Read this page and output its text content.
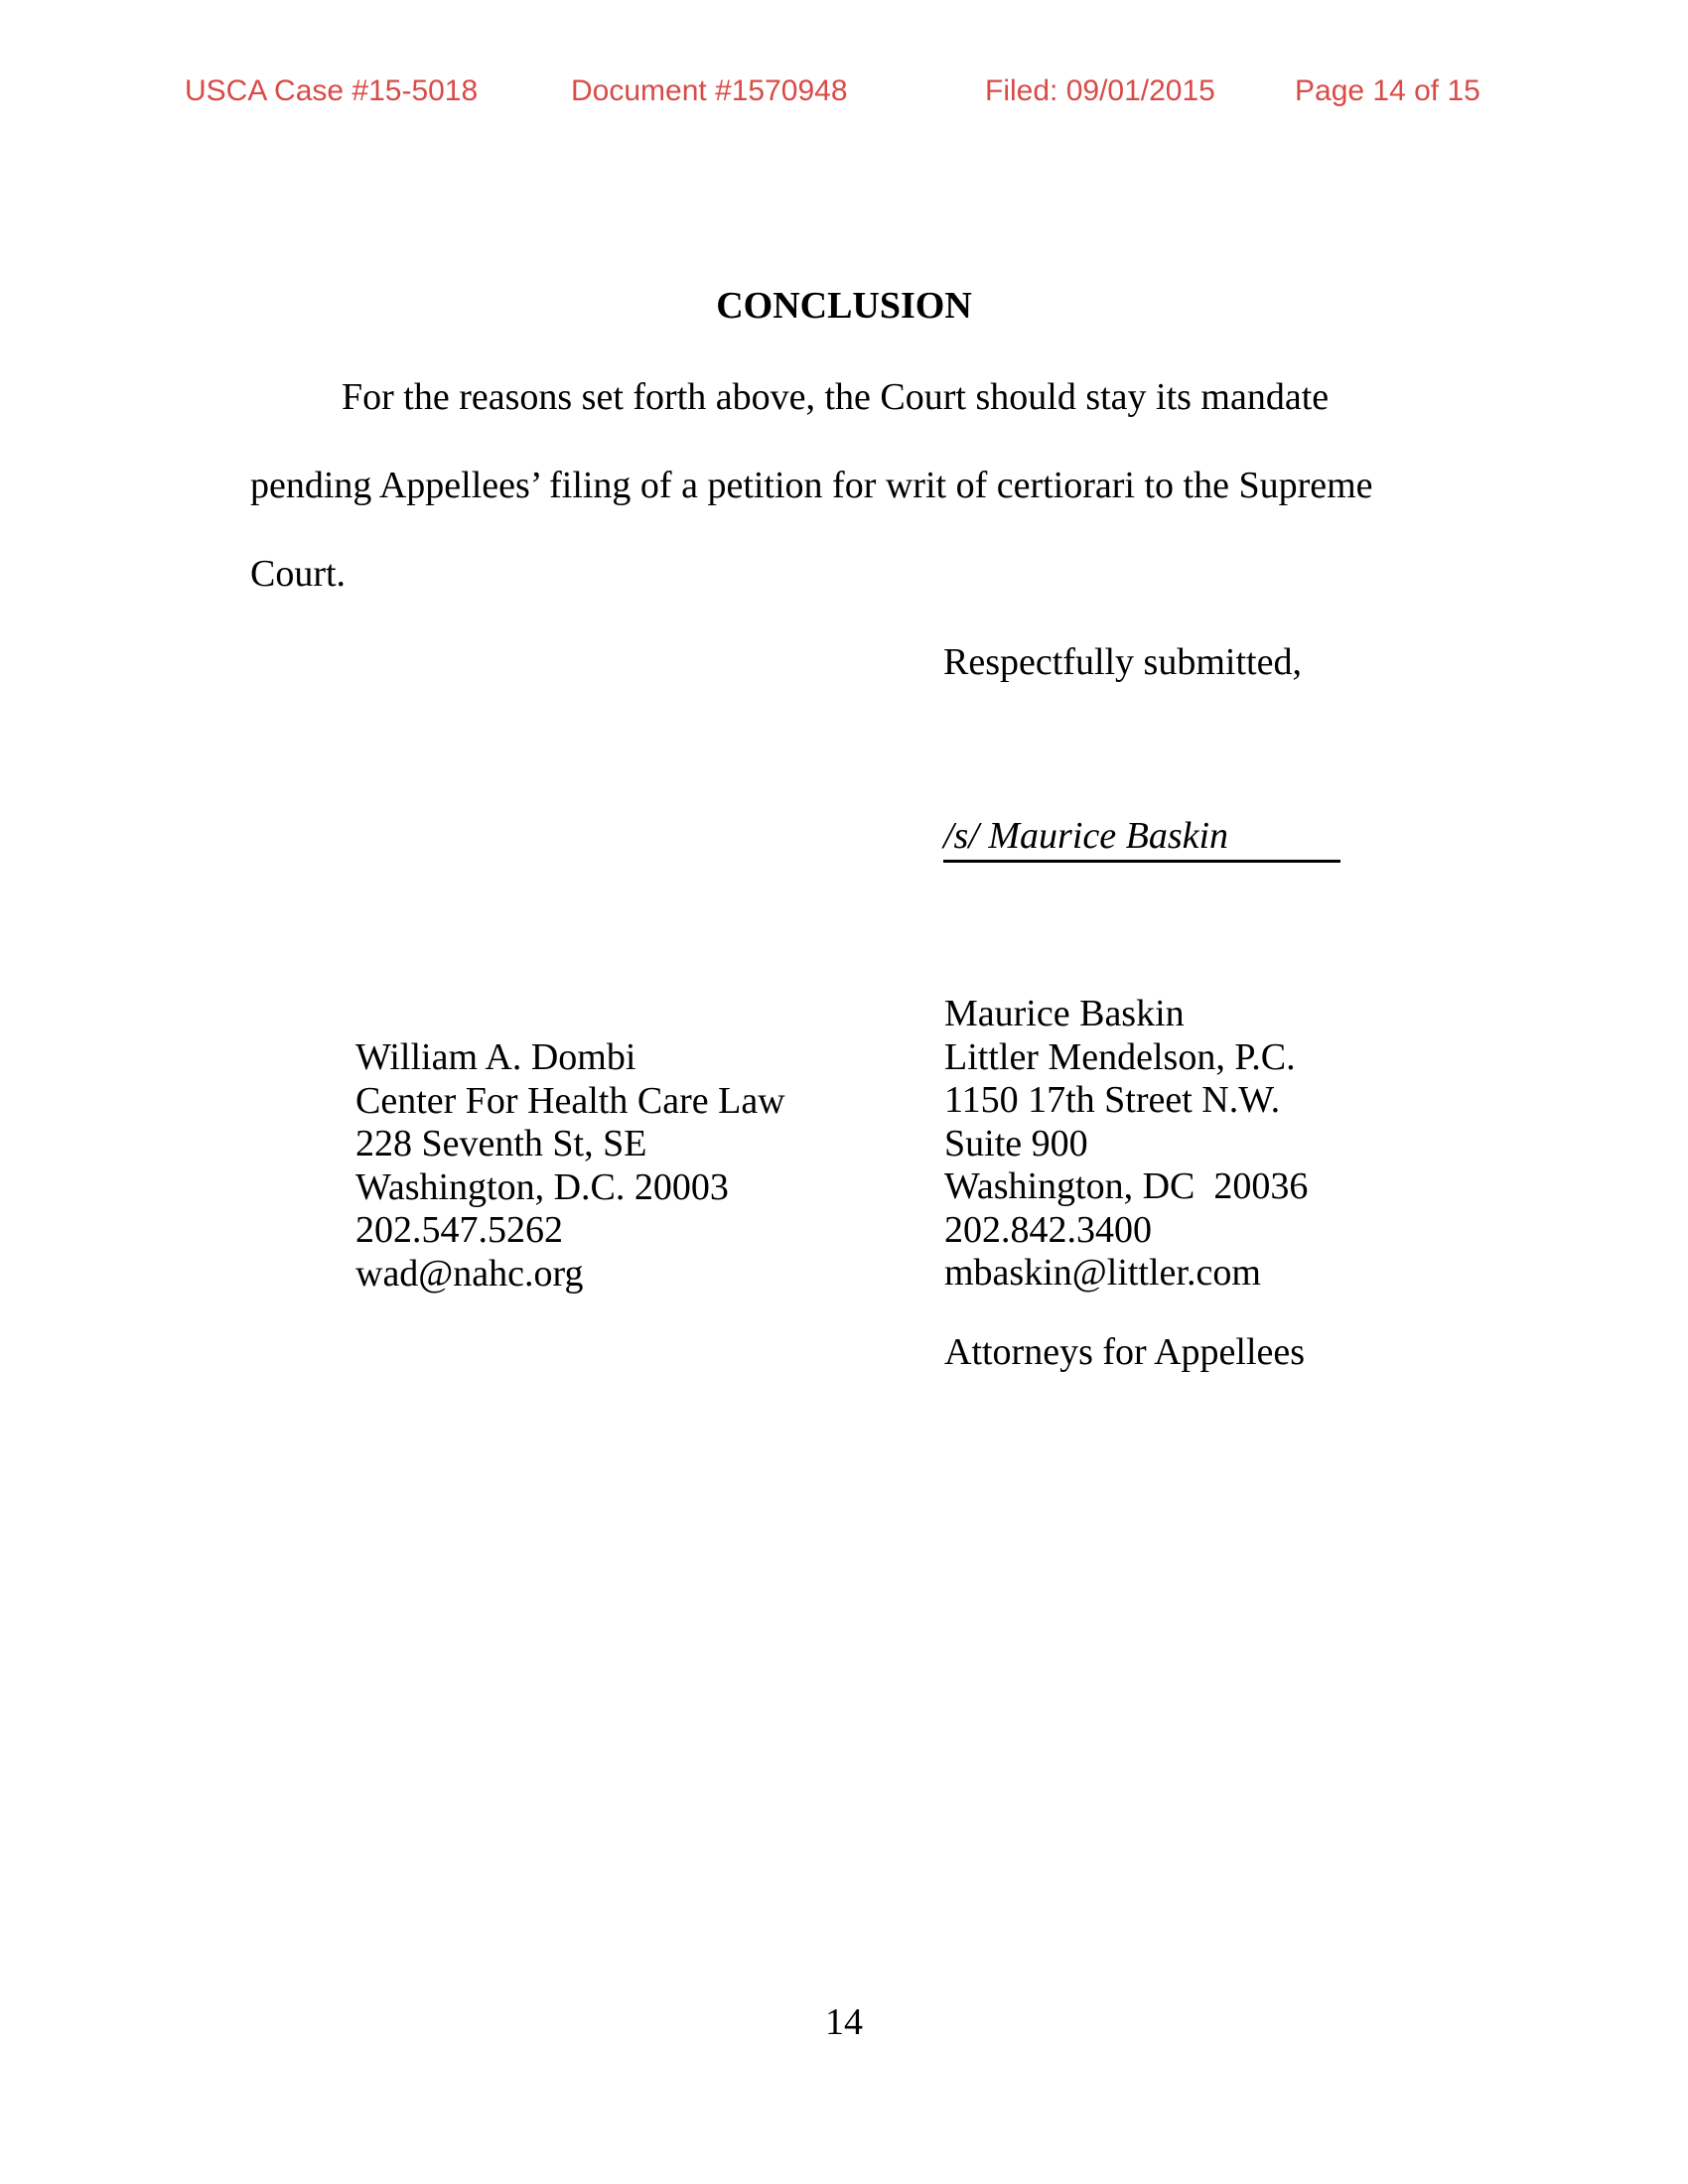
USCA Case #15-5018	Document #1570948	Filed: 09/01/2015	Page 14 of 15
CONCLUSION
For the reasons set forth above, the Court should stay its mandate
pending Appellees’ filing of a petition for writ of certiorari to the Supreme
Court.
Respectfully submitted,
/s/ Maurice Baskin
William A. Dombi
Center For Health Care Law
228 Seventh St, SE
Washington, D.C. 20003
202.547.5262
wad@nahc.org
Maurice Baskin
Littler Mendelson, P.C.
1150 17th Street N.W.
Suite 900
Washington, DC  20036
202.842.3400
mbaskin@littler.com
Attorneys for Appellees
14
